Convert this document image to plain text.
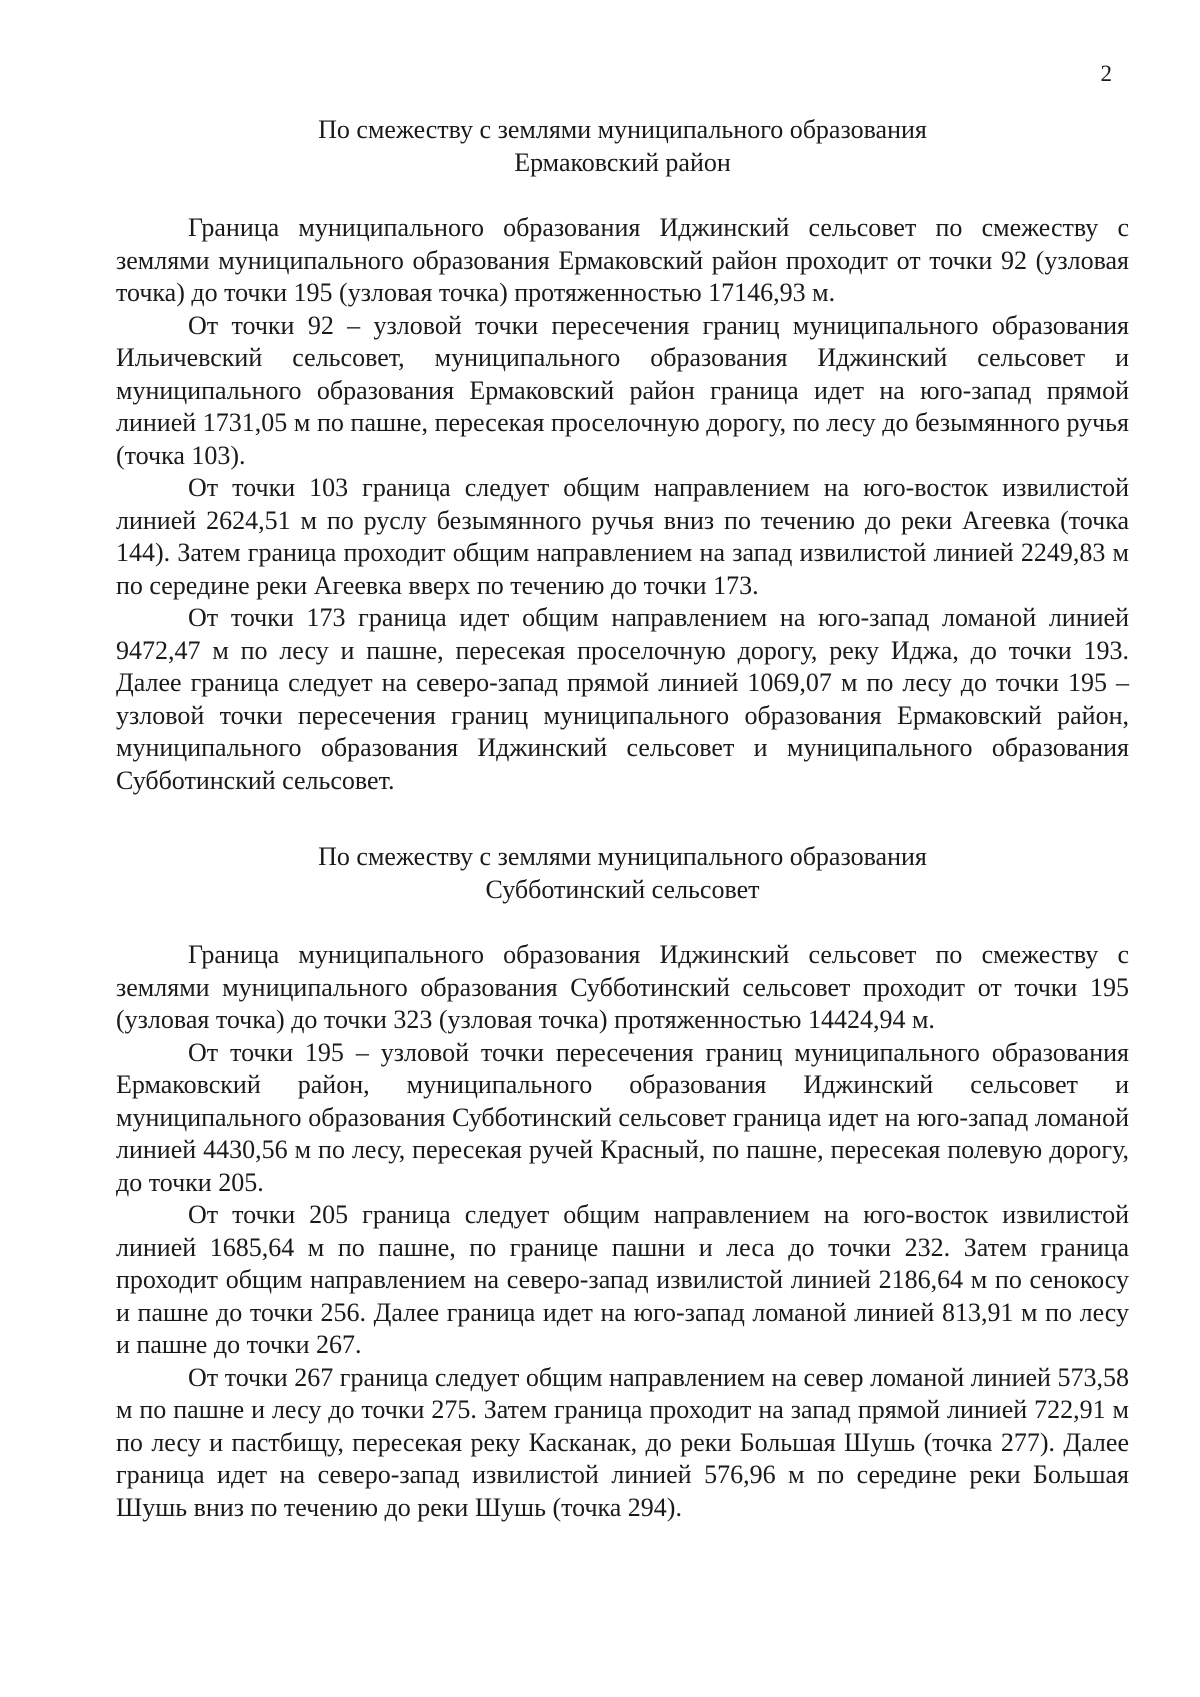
2
По смежеству с землями муниципального образования
Ермаковский район

Граница муниципального образования Иджинский сельсовет по смежеству с землями муниципального образования Ермаковский район проходит от точки 92 (узловая точка) до точки 195 (узловая точка) протяженностью 17146,93 м.

От точки 92 – узловой точки пересечения границ муниципального образования Ильичевский сельсовет, муниципального образования Иджинский сельсовет и муниципального образования Ермаковский район граница идет на юго-запад прямой линией 1731,05 м по пашне, пересекая проселочную дорогу, по лесу до безымянного ручья (точка 103).

От точки 103 граница следует общим направлением на юго-восток извилистой линией 2624,51 м по руслу безымянного ручья вниз по течению до реки Агеевка (точка 144). Затем граница проходит общим направлением на запад извилистой линией 2249,83 м по середине реки Агеевка вверх по течению до точки 173.

От точки 173 граница идет общим направлением на юго-запад ломаной линией 9472,47 м по лесу и пашне, пересекая проселочную дорогу, реку Иджа, до точки 193. Далее граница следует на северо-запад прямой линией 1069,07 м по лесу до точки 195 – узловой точки пересечения границ муниципального образования Ермаковский район, муниципального образования Иджинский сельсовет и муниципального образования Субботинский сельсовет.

По смежеству с землями муниципального образования
Субботинский сельсовет

Граница муниципального образования Иджинский сельсовет по смежеству с землями муниципального образования Субботинский сельсовет проходит от точки 195 (узловая точка) до точки 323 (узловая точка) протяженностью 14424,94 м.

От точки 195 – узловой точки пересечения границ муниципального образования Ермаковский район, муниципального образования Иджинский сельсовет и муниципального образования Субботинский сельсовет граница идет на юго-запад ломаной линией 4430,56 м по лесу, пересекая ручей Красный, по пашне, пересекая полевую дорогу, до точки 205.

От точки 205 граница следует общим направлением на юго-восток извилистой линией 1685,64 м по пашне, по границе пашни и леса до точки 232. Затем граница проходит общим направлением на северо-запад извилистой линией 2186,64 м по сенокосу и пашне до точки 256. Далее граница идет на юго-запад ломаной линией 813,91 м по лесу и пашне до точки 267.

От точки 267 граница следует общим направлением на север ломаной линией 573,58 м по пашне и лесу до точки 275. Затем граница проходит на запад прямой линией 722,91 м по лесу и пастбищу, пересекая реку Касканак, до реки Большая Шушь (точка 277). Далее граница идет на северо-запад извилистой линией 576,96 м по середине реки Большая Шушь вниз по течению до реки Шушь (точка 294).
